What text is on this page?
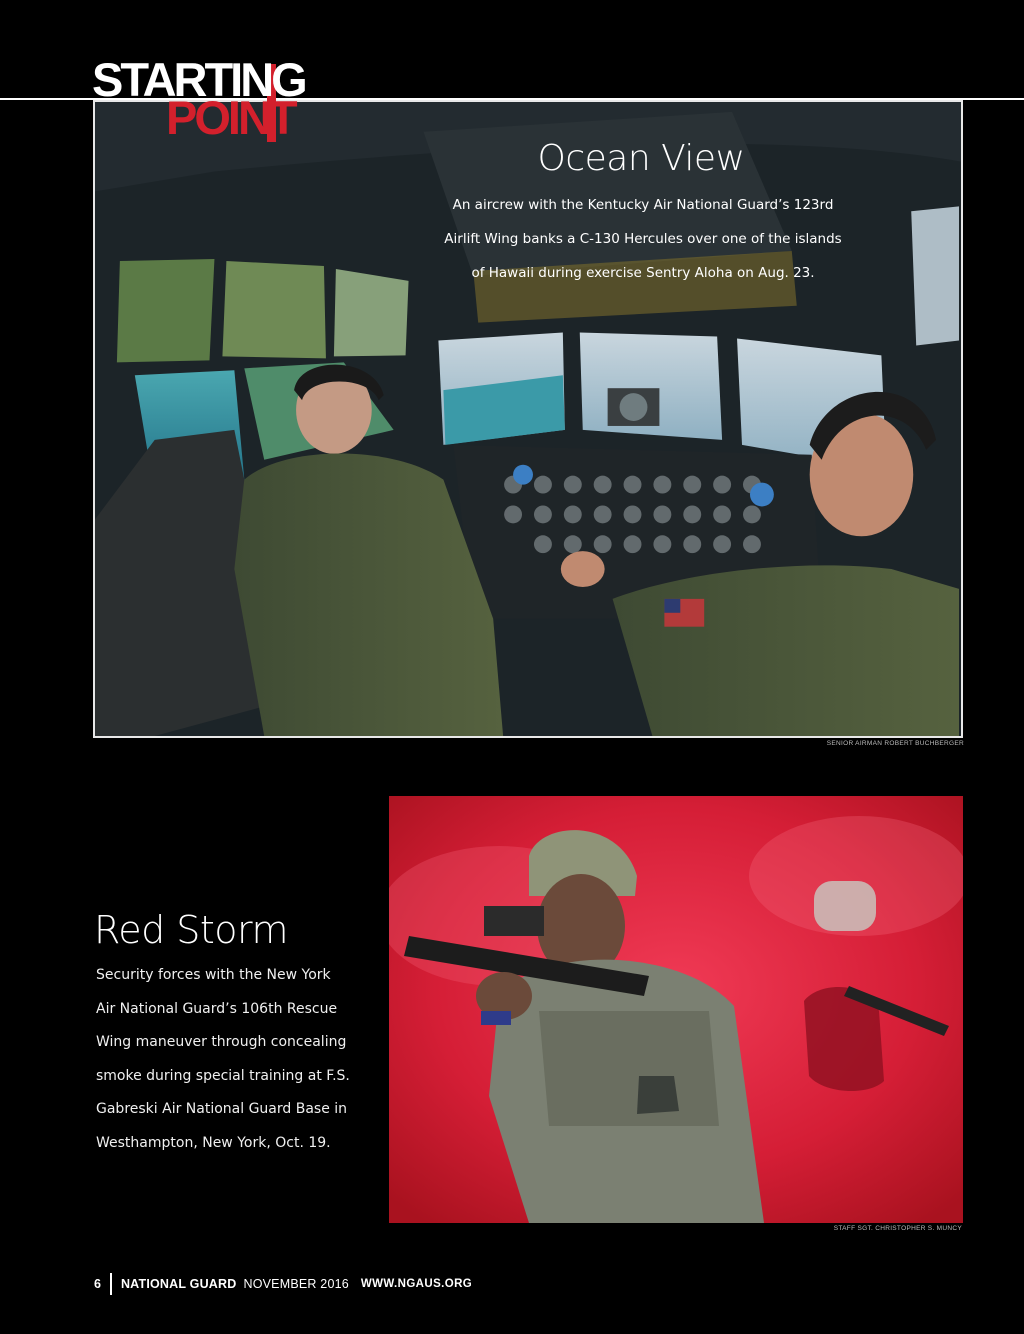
STARTING
POINT
Ocean View
An aircrew with the Kentucky Air National Guard’s 123rd
Airlift Wing banks a C-130 Hercules over one of the islands
of Hawaii during exercise Sentry Aloha on Aug. 23.
SENIOR AIRMAN ROBERT BUCHBERGER
Red Storm
Security forces with the New York
Air National Guard’s 106th Rescue
Wing maneuver through concealing
smoke during special training at F.S.
Gabreski Air National Guard Base in
Westhampton, New York, Oct. 19.
STAFF SGT. CHRISTOPHER S. MUNCY
6 NATIONAL GUARD NOVEMBER 2016 WWW.NGAUS.ORG
